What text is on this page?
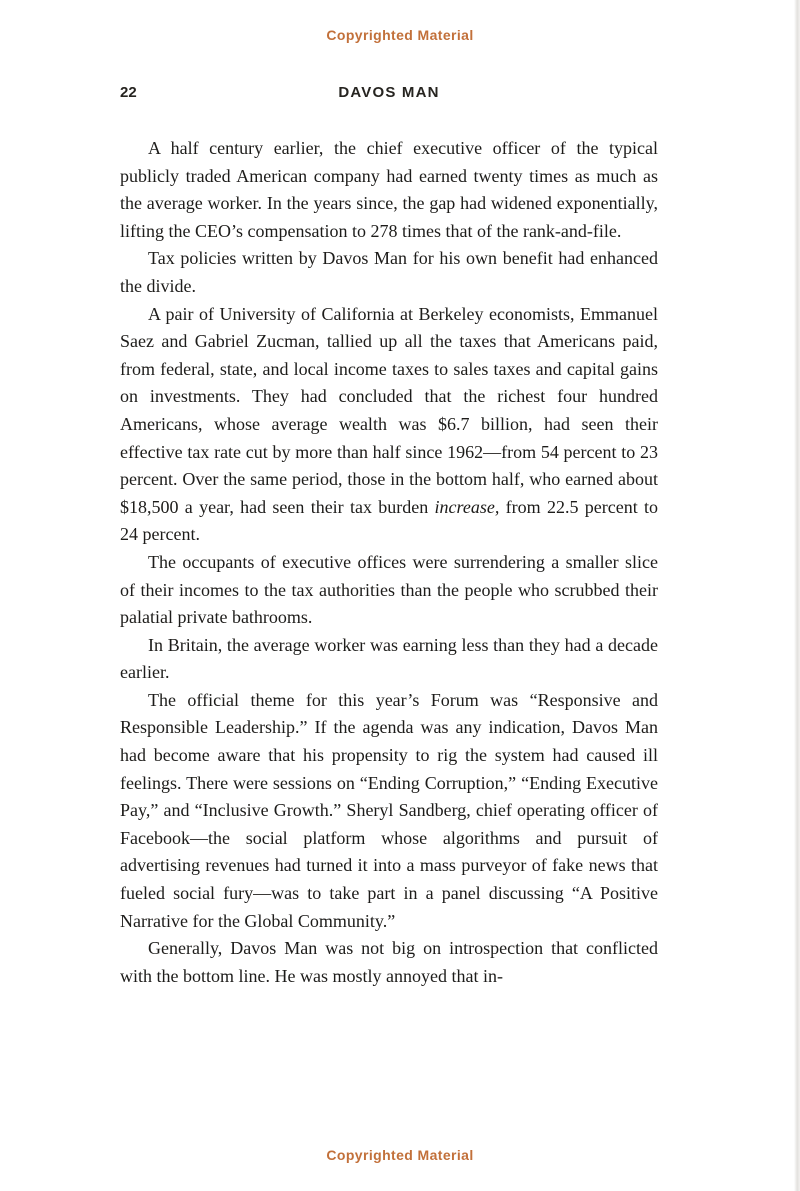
Copyrighted Material
22	DAVOS MAN

A half century earlier, the chief executive officer of the typical publicly traded American company had earned twenty times as much as the average worker. In the years since, the gap had widened exponentially, lifting the CEO’s compensation to 278 times that of the rank-and-file.

Tax policies written by Davos Man for his own benefit had enhanced the divide.

A pair of University of California at Berkeley economists, Emmanuel Saez and Gabriel Zucman, tallied up all the taxes that Americans paid, from federal, state, and local income taxes to sales taxes and capital gains on investments. They had concluded that the richest four hundred Americans, whose average wealth was $6.7 billion, had seen their effective tax rate cut by more than half since 1962—from 54 percent to 23 percent. Over the same period, those in the bottom half, who earned about $18,500 a year, had seen their tax burden increase, from 22.5 percent to 24 percent.

The occupants of executive offices were surrendering a smaller slice of their incomes to the tax authorities than the people who scrubbed their palatial private bathrooms.

In Britain, the average worker was earning less than they had a decade earlier.

The official theme for this year’s Forum was “Responsive and Responsible Leadership.” If the agenda was any indication, Davos Man had become aware that his propensity to rig the system had caused ill feelings. There were sessions on “Ending Corruption,” “Ending Executive Pay,” and “Inclusive Growth.” Sheryl Sandberg, chief operating officer of Facebook—the social platform whose algorithms and pursuit of advertising revenues had turned it into a mass purveyor of fake news that fueled social fury—was to take part in a panel discussing “A Positive Narrative for the Global Community.”

Generally, Davos Man was not big on introspection that conflicted with the bottom line. He was mostly annoyed that in-

Copyrighted Material
